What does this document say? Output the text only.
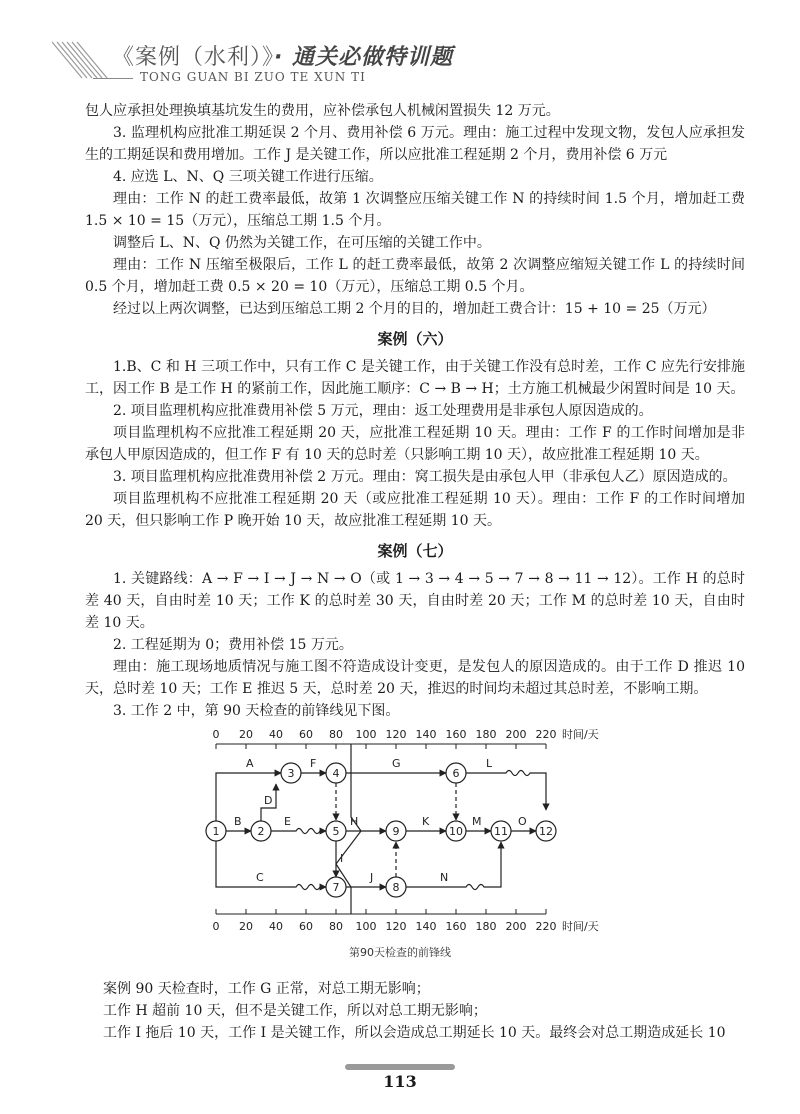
《案例（水利）》· 通关必做特训题
TONG GUAN BI ZUO TE XUN TI

包人应承担处理换填基坑发生的费用，应补偿承包人机械闲置损失 12 万元。

3. 监理机构应批准工期延误 2 个月、费用补偿 6 万元。理由：施工过程中发现文物，发包人应承担发生的工期延误和费用增加。工作 J 是关键工作，所以应批准工程延期 2 个月，费用补偿 6 万元

4. 应选 L、N、Q 三项关键工作进行压缩。

理由：工作 N 的赶工费率最低，故第 1 次调整应压缩关键工作 N 的持续时间 1.5 个月，增加赶工费 1.5 × 10 = 15（万元），压缩总工期 1.5 个月。

调整后 L、N、Q 仍然为关键工作，在可压缩的关键工作中。

理由：工作 N 压缩至极限后，工作 L 的赶工费率最低，故第 2 次调整应缩短关键工作 L 的持续时间 0.5 个月，增加赶工费 0.5 × 20 = 10（万元），压缩总工期 0.5 个月。

经过以上两次调整，已达到压缩总工期 2 个月的目的，增加赶工费合计：15 + 10 = 25（万元）

案例（六）

1.B、C 和 H 三项工作中，只有工作 C 是关键工作，由于关键工作没有总时差，工作 C 应先行安排施工，因工作 B 是工作 H 的紧前工作，因此施工顺序：C → B → H；土方施工机械最少闲置时间是 10 天。

2. 项目监理机构应批准费用补偿 5 万元，理由：返工处理费用是非承包人原因造成的。

项目监理机构不应批准工程延期 20 天，应批准工程延期 10 天。理由：工作 F 的工作时间增加是非承包人甲原因造成的，但工作 F 有 10 天的总时差（只影响工期 10 天），故应批准工程延期 10 天。

3. 项目监理机构应批准费用补偿 2 万元。理由：窝工损失是由承包人甲（非承包人乙）原因造成的。

项目监理机构不应批准工程延期 20 天（或应批准工程延期 10 天）。理由：工作 F 的工作时间增加 20 天，但只影响工作 P 晚开始 10 天，故应批准工程延期 10 天。

案例（七）

1. 关键路线：A → F → I → J → N → O（或 1 → 3 → 4 → 5 → 7 → 8 → 11 → 12）。工作 H 的总时差 40 天，自由时差 10 天；工作 K 的总时差 30 天，自由时差 20 天；工作 M 的总时差 10 天，自由时差 10 天。

2. 工程延期为 0；费用补偿 15 万元。

理由：施工现场地质情况与施工图不符造成设计变更，是发包人的原因造成的。由于工作 D 推迟 10 天，总时差 10 天；工作 E 推迟 5 天，总时差 20 天，推迟的时间均未超过其总时差，不影响工期。

3. 工作 2 中，第 90 天检查的前锋线见下图。

0 20 40 60 80 100 120 140 160 180 200 220 时间/天
0 20 40 60 80 100 120 140 160 180 200 220 时间/天
A
B
C
D
E
F	G
H
I
J
K
L
M
N
O
1	2
3	4
5
6
7	8
9	10	11	12
第90天检查的前锋线

案例 90 天检查时，工作 G 正常，对总工期无影响；

工作 H 超前 10 天，但不是关键工作，所以对总工期无影响；

工作 I 拖后 10 天，工作 I 是关键工作，所以会造成总工期延长 10 天。最终会对总工期造成延长 10

113
